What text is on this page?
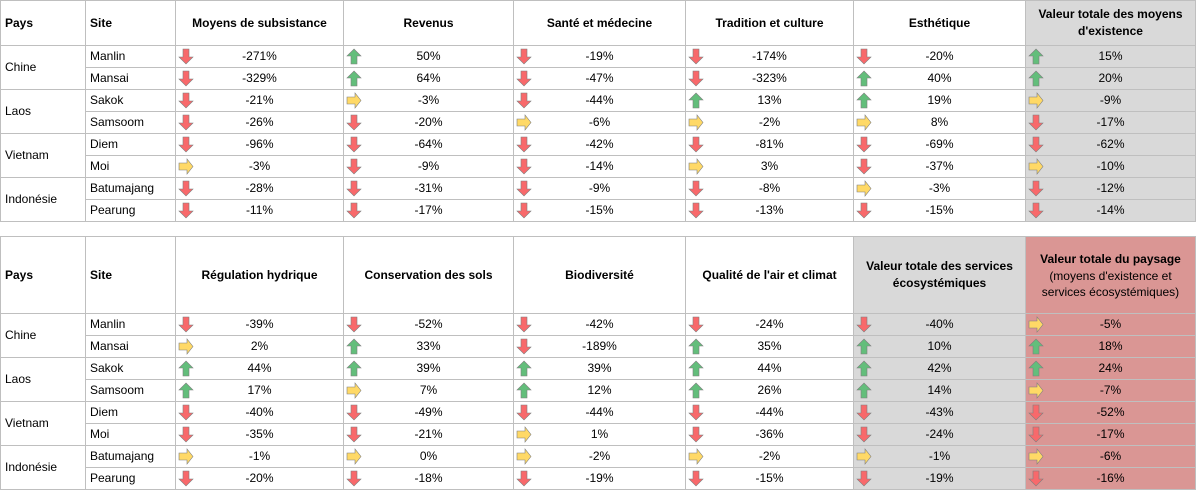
Pays	Site	Moyens de subsistance	Revenus	Santé et médecine	Tradition et culture	Esthétique	Valeur totale des moyens d'existence
Chine	Manlin	-271%	50%	-19%	-174%	-20%	15%
	Mansai	-329%	64%	-47%	-323%	40%	20%
Laos	Sakok	-21%	-3%	-44%	13%	19%	-9%
	Samsoom	-26%	-20%	-6%	-2%	8%	-17%
Vietnam	Diem	-96%	-64%	-42%	-81%	-69%	-62%
	Moi	-3%	-9%	-14%	3%	-37%	-10%
Indonésie	Batumajang	-28%	-31%	-9%	-8%	-3%	-12%
	Pearung	-11%	-17%	-15%	-13%	-15%	-14%
Pays	Site	Régulation hydrique	Conservation des sols	Biodiversité	Qualité de l'air et climat	Valeur totale des services écosystémiques	Valeur totale du paysage
(moyens d'existence et services écosystémiques)

Chine	Manlin	-39%	-52%	-42%	-24%	-40%	-5%
	Mansai	2%	33%	-189%	35%	10%	18%
Laos	Sakok	44%	39%	39%	44%	42%	24%
	Samsoom	17%	7%	12%	26%	14%	-7%
Vietnam	Diem	-40%	-49%	-44%	-44%	-43%	-52%
	Moi	-35%	-21%	1%	-36%	-24%	-17%
Indonésie	Batumajang	-1%	0%	-2%	-2%	-1%	-6%
	Pearung	-20%	-18%	-19%	-15%	-19%	-16%
